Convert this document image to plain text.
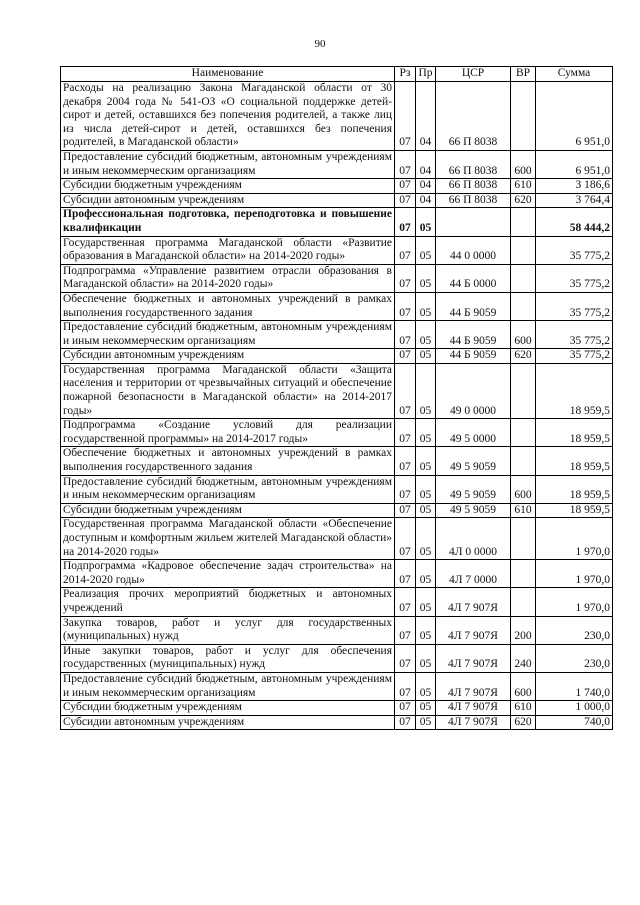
90
Наименование	Рз	Пр	ЦСР	ВР	Сумма
Расходы на реализацию Закона Магаданской области от 30 декабря 2004 года № 541-ОЗ «О социальной поддержке детей-сирот и детей, оставшихся без попечения родителей, а также лиц из числа детей-сирот и детей, оставшихся без попечения родителей, в Магаданской области»	07	04	66 П 8038		6 951,0
Предоставление субсидий бюджетным, автономным учреждениям и иным некоммерческим организациям	07	04	66 П 8038	600	6 951,0
Субсидии бюджетным учреждениям	07	04	66 П 8038	610	3 186,6
Субсидии автономным учреждениям	07	04	66 П 8038	620	3 764,4
Профессиональная подготовка, переподготовка и повышение квалификации	07	05			58 444,2
Государственная программа Магаданской области «Развитие образования в Магаданской области» на 2014-2020 годы»	07	05	44 0 0000		35 775,2
Подпрограмма «Управление развитием отрасли образования в Магаданской области» на 2014-2020 годы»	07	05	44 Б 0000		35 775,2
Обеспечение бюджетных и автономных учреждений в рамках выполнения государственного задания	07	05	44 Б 9059		35 775,2
Предоставление субсидий бюджетным, автономным учреждениям и иным некоммерческим организациям	07	05	44 Б 9059	600	35 775,2
Субсидии автономным учреждениям	07	05	44 Б 9059	620	35 775,2
Государственная программа Магаданской области «Защита населения и территории от чрезвычайных ситуаций и обеспечение пожарной безопасности в Магаданской области» на 2014-2017 годы»	07	05	49 0 0000		18 959,5
Подпрограмма «Создание условий для реализации государственной программы» на 2014-2017 годы»	07	05	49 5 0000		18 959,5
Обеспечение бюджетных и автономных учреждений в рамках выполнения государственного задания	07	05	49 5 9059		18 959,5
Предоставление субсидий бюджетным, автономным учреждениям и иным некоммерческим организациям	07	05	49 5 9059	600	18 959,5
Субсидии бюджетным учреждениям	07	05	49 5 9059	610	18 959,5
Государственная программа Магаданской области «Обеспечение доступным и комфортным жильем жителей Магаданской области» на 2014-2020 годы»	07	05	4Л 0 0000		1 970,0
Подпрограмма «Кадровое обеспечение задач строительства» на 2014-2020 годы»	07	05	4Л 7 0000		1 970,0
Реализация прочих мероприятий бюджетных и автономных учреждений	07	05	4Л 7 907Я		1 970,0
Закупка товаров, работ и услуг для государственных (муниципальных) нужд	07	05	4Л 7 907Я	200	230,0
Иные закупки товаров, работ и услуг для обеспечения государственных (муниципальных) нужд	07	05	4Л 7 907Я	240	230,0
Предоставление субсидий бюджетным, автономным учреждениям и иным некоммерческим организациям	07	05	4Л 7 907Я	600	1 740,0
Субсидии бюджетным учреждениям	07	05	4Л 7 907Я	610	1 000,0
Субсидии автономным учреждениям	07	05	4Л 7 907Я	620	740,0
